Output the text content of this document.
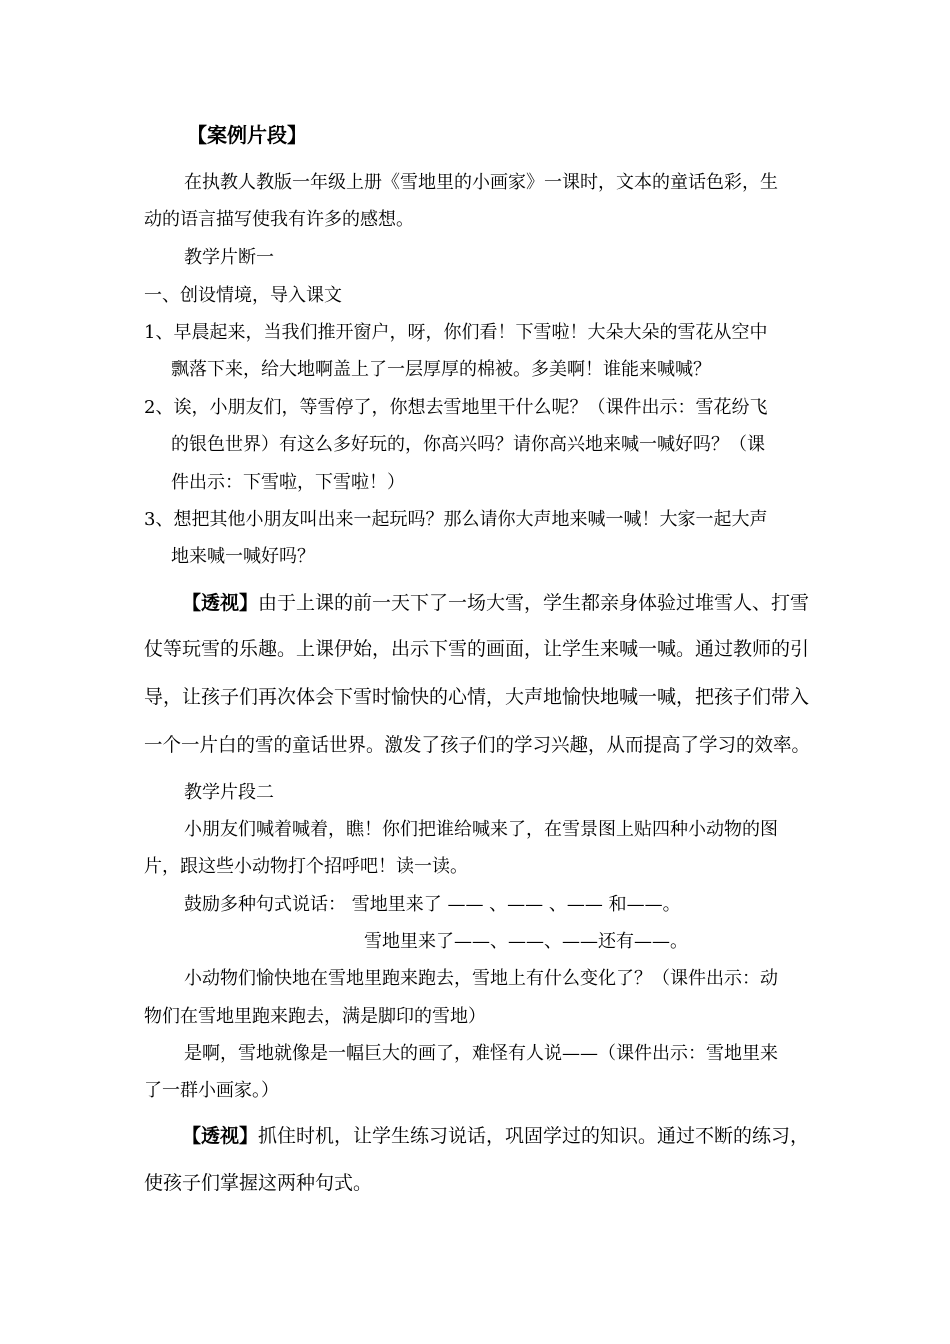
【案例片段】
在执教人教版一年级上册《雪地里的小画家》一课时，文本的童话色彩，生
动的语言描写使我有许多的感想。
教学片断一
一、创设情境，导入课文
1、早晨起来，当我们推开窗户，呀，你们看！下雪啦！大朵大朵的雪花从空中
飘落下来，给大地啊盖上了一层厚厚的棉被。多美啊！谁能来喊喊？
2、诶，小朋友们，等雪停了，你想去雪地里干什么呢？（课件出示：雪花纷飞
的银色世界）有这么多好玩的，你高兴吗？请你高兴地来喊一喊好吗？（课
件出示：下雪啦，下雪啦！）
3、想把其他小朋友叫出来一起玩吗？那么请你大声地来喊一喊！大家一起大声
地来喊一喊好吗？
【透视】由于上课的前一天下了一场大雪，学生都亲身体验过堆雪人、打雪
仗等玩雪的乐趣。上课伊始，出示下雪的画面，让学生来喊一喊。通过教师的引
导，让孩子们再次体会下雪时愉快的心情，大声地愉快地喊一喊，把孩子们带入
一个一片白的雪的童话世界。激发了孩子们的学习兴趣，从而提高了学习的效率。
教学片段二
小朋友们喊着喊着，瞧！你们把谁给喊来了，在雪景图上贴四种小动物的图
片，跟这些小动物打个招呼吧！读一读。
鼓励多种句式说话： 雪地里来了 —— 、—— 、—— 和——。
雪地里来了——、——、——还有——。
小动物们愉快地在雪地里跑来跑去，雪地上有什么变化了？（课件出示：动
物们在雪地里跑来跑去，满是脚印的雪地）
是啊，雪地就像是一幅巨大的画了，难怪有人说——（课件出示：雪地里来
了一群小画家。）
【透视】抓住时机，让学生练习说话，巩固学过的知识。通过不断的练习，
使孩子们掌握这两种句式。
